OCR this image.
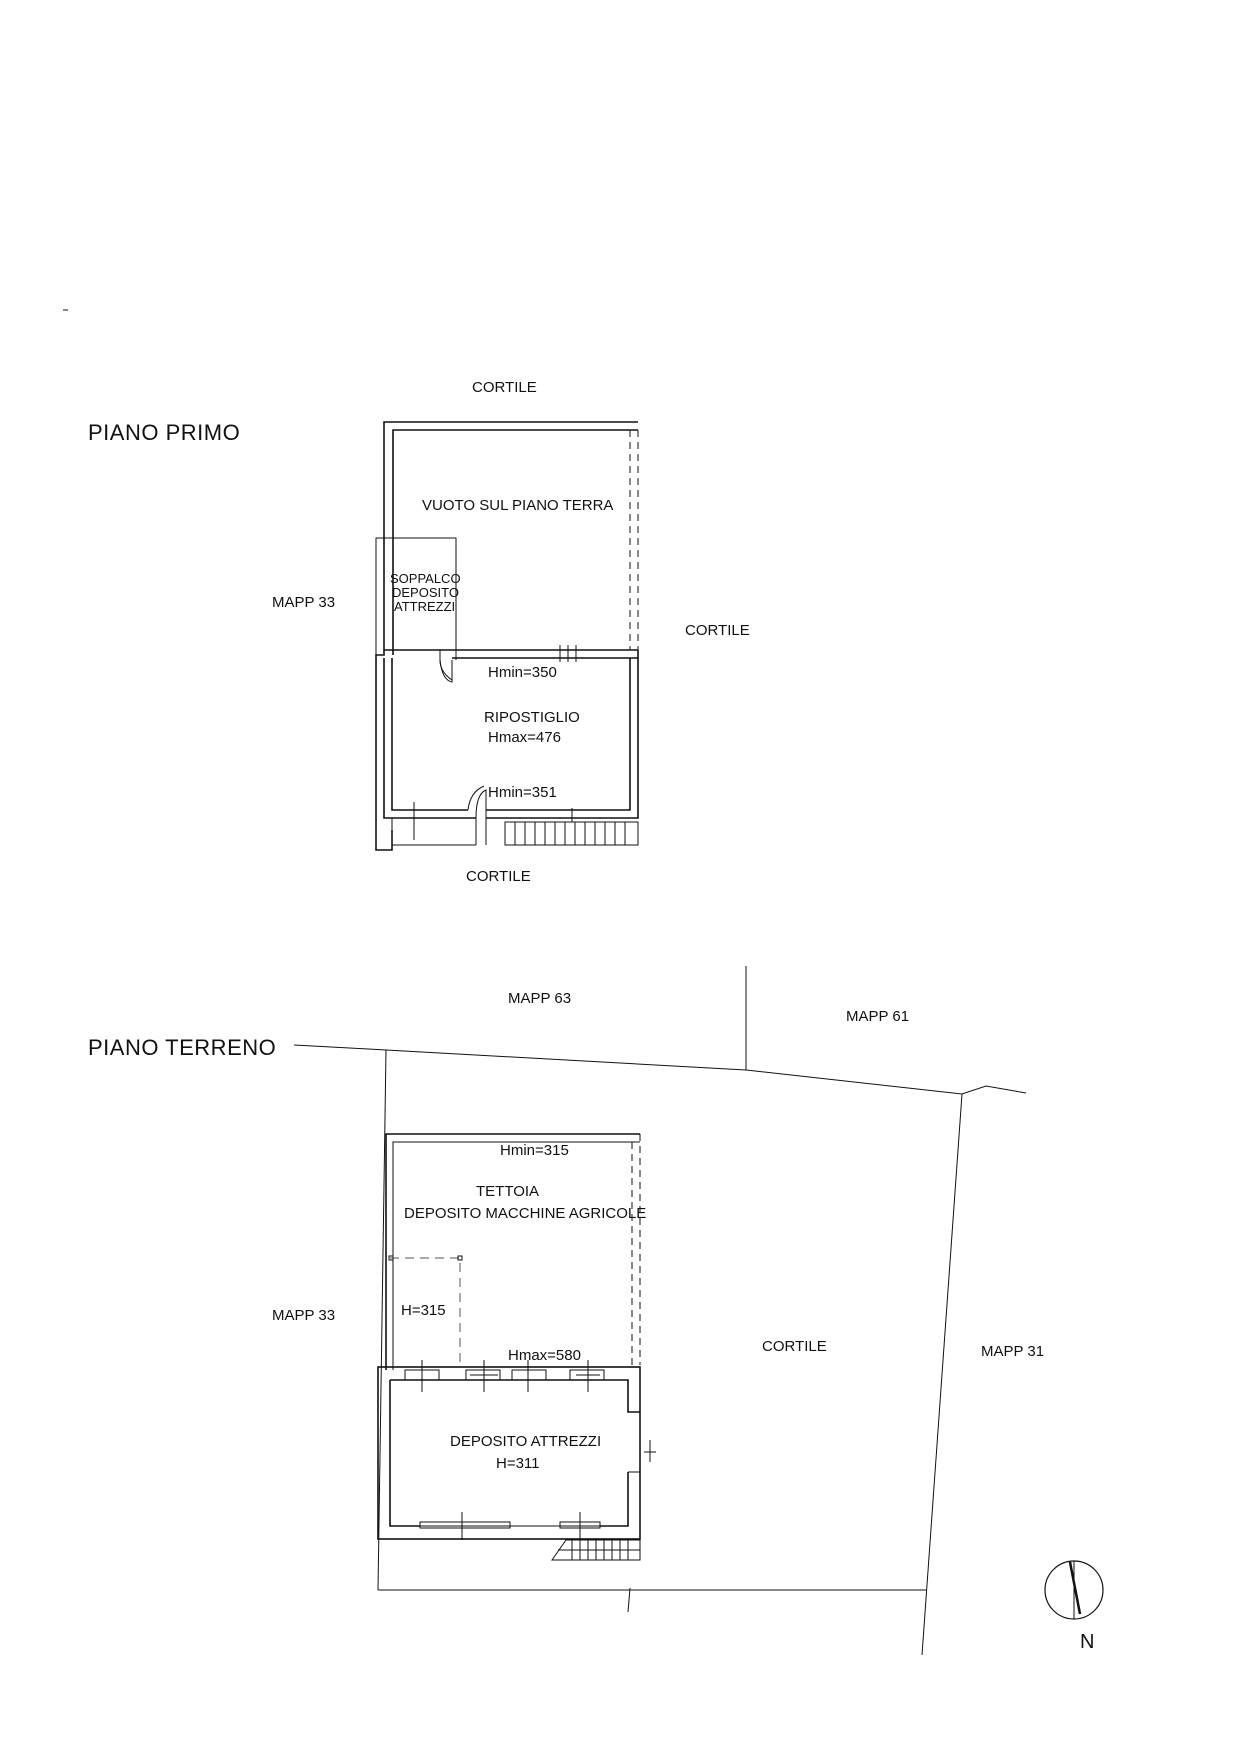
PIANO PRIMO
CORTILE
MAPP 33
CORTILE
CORTILE
VUOTO SUL PIANO TERRA
SOPPALCO
DEPOSITO
ATTREZZI
Hmin=350
RIPOSTIGLIO
Hmax=476
Hmin=351
PIANO TERRENO
MAPP 63
MAPP 61
MAPP 33
MAPP 31
CORTILE
Hmin=315
TETTOIA
DEPOSITO MACCHINE AGRICOLE
H=315
Hmax=580
DEPOSITO ATTREZZI
H=311
N
